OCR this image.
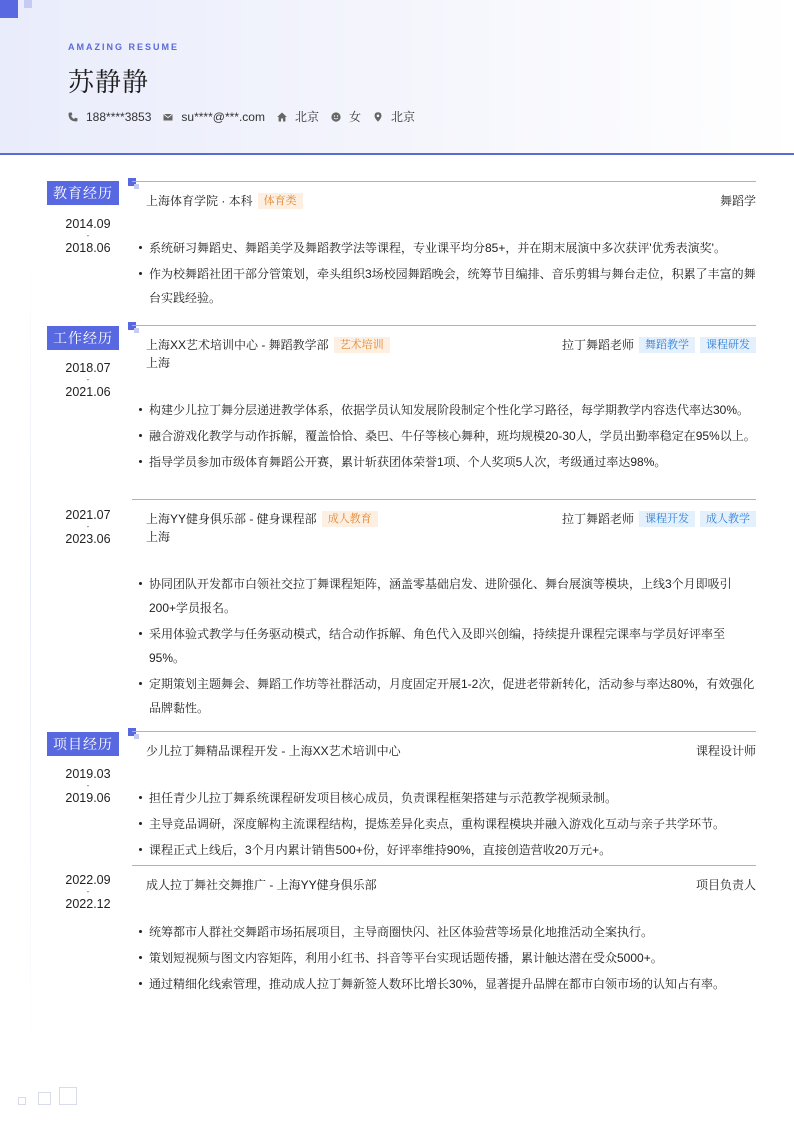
AMAZING RESUME
苏静静
188****3853	su****@***.com	北京	女	北京
教育经历
2014.09
-
2018.06
上海体育学院 · 本科	体育类	舞蹈学
系统研习舞蹈史、舞蹈美学及舞蹈教学法等课程，专业课平均分85+，并在期末展演中多次获评'优秀表演奖'。
作为校舞蹈社团干部分管策划，牵头组织3场校园舞蹈晚会，统筹节目编排、音乐剪辑与舞台走位，积累了丰富的舞台实践经验。
工作经历
2018.07
-
2021.06
上海XX艺术培训中心 - 舞蹈教学部	艺术培训	拉丁舞蹈老师	舞蹈教学	课程研发
上海
构建少儿拉丁舞分层递进教学体系，依据学员认知发展阶段制定个性化学习路径，每学期教学内容迭代率达30%。
融合游戏化教学与动作拆解，覆盖恰恰、桑巴、牛仔等核心舞种，班均规模20-30人，学员出勤率稳定在95%以上。
指导学员参加市级体育舞蹈公开赛，累计斩获团体荣誉1项、个人奖项5人次，考级通过率达98%。
2021.07
-
2023.06
上海YY健身俱乐部 - 健身课程部	成人教育	拉丁舞蹈老师	课程开发	成人教学
上海
协同团队开发都市白领社交拉丁舞课程矩阵，涵盖零基础启发、进阶强化、舞台展演等模块，上线3个月即吸引200+学员报名。
采用体验式教学与任务驱动模式，结合动作拆解、角色代入及即兴创编，持续提升课程完课率与学员好评率至95%。
定期策划主题舞会、舞蹈工作坊等社群活动，月度固定开展1-2次，促进老带新转化，活动参与率达80%，有效强化品牌黏性。
项目经历
2019.03
-
2019.06
少儿拉丁舞精品课程开发 - 上海XX艺术培训中心	课程设计师
担任青少儿拉丁舞系统课程研发项目核心成员，负责课程框架搭建与示范教学视频录制。
主导竞品调研，深度解构主流课程结构，提炼差异化卖点，重构课程模块并融入游戏化互动与亲子共学环节。
课程正式上线后，3个月内累计销售500+份，好评率维持90%，直接创造营收20万元+。
2022.09
-
2022.12
成人拉丁舞社交舞推广 - 上海YY健身俱乐部	项目负责人
统筹都市人群社交舞蹈市场拓展项目，主导商圈快闪、社区体验营等场景化地推活动全案执行。
策划短视频与图文内容矩阵，利用小红书、抖音等平台实现话题传播，累计触达潜在受众5000+。
通过精细化线索管理，推动成人拉丁舞新签人数环比增长30%，显著提升品牌在都市白领市场的认知占有率。
